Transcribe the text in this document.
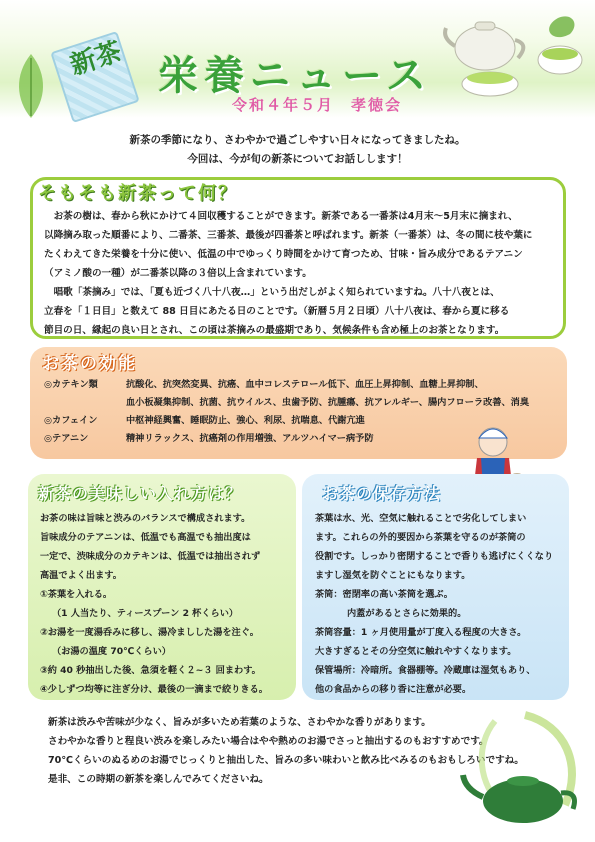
新茶 栄養ニュース
令和４年５月　孝徳会
新茶の季節になり、さわやかで過ごしやすい日々になってきましたね。
今回は、今が旬の新茶についてお話しします！
そもそも新茶って何？
　お茶の樹は、春から秋にかけて４回収穫することができます。新茶である一番茶は4月末～5月末に摘まれ、
以降摘み取った順番により、二番茶、三番茶、最後が四番茶と呼ばれます。新茶（一番茶）は、冬の間に枝や葉に
たくわえてきた栄養を十分に使い、低温の中でゆっくり時間をかけて育つため、甘味・旨み成分であるテアニン
（アミノ酸の一種）が二番茶以降の３倍以上含まれています。
　唱歌「茶摘み」では、「夏も近づく八十八夜…」という出だしがよく知られていますね。八十八夜とは、
立春を「１日目」と数えて 88 日目にあたる日のことです。（新暦５月２日頃）八十八夜は、春から夏に移る
節目の日、縁起の良い日とされ、この頃は茶摘みの最盛期であり、気候条件も含め極上のお茶となります。
お茶の効能
◎カテキン類	抗酸化、抗突然変異、抗癌、血中コレステロール低下、血圧上昇抑制、血糖上昇抑制、
血小板凝集抑制、抗菌、抗ウイルス、虫歯予防、抗腫瘍、抗アレルギー、腸内フローラ改善、消臭
◎カフェイン	中枢神経興奮、睡眠防止、強心、利尿、抗喘息、代謝亢進
◎テアニン	精神リラックス、抗癌剤の作用増強、アルツハイマー病予防
新茶の美味しい入れ方は？
お茶の味は旨味と渋みのバランスで構成されます。
旨味成分のテアニンは、低温でも高温でも抽出度は
一定で、渋味成分のカテキンは、低温では抽出されず
高温でよく出ます。
①茶葉を入れる。
（1 人当たり、ティースプーン 2 杯くらい）
②お湯を一度湯呑みに移し、湯冷ましした湯を注ぐ。
（お湯の温度 70℃くらい）
③約 40 秒抽出した後、急須を軽く２~３ 回まわす。
④少しずつ均等に注ぎ分け、最後の一滴まで絞りきる。
お茶の保存方法
茶葉は水、光、空気に触れることで劣化してしまい
ます。これらの外的要因から茶葉を守るのが茶筒の
役割です。しっかり密閉することで香りも逃げにくくなり
ますし湿気を防ぐことにもなります。
茶筒：密閉率の高い茶筒を選ぶ。
内蓋があるとさらに効果的。
茶筒容量：1 ヶ月使用量が丁度入る程度の大きさ。
大きすぎるとその分空気に触れやすくなります。
保管場所：冷暗所。食器棚等。冷蔵庫は湿気もあり、
他の食品からの移り香に注意が必要。
新茶は渋みや苦味が少なく、旨みが多いため若葉のような、さわやかな香りがあります。
さわやかな香りと程良い渋みを楽しみたい場合はやや熱めのお湯でさっと抽出するのもおすすめです。
70℃くらいのぬるめのお湯でじっくりと抽出した、旨みの多い味わいと飲み比べみるのもおもしろいですね。
是非、この時期の新茶を楽しんでみてくださいね。
